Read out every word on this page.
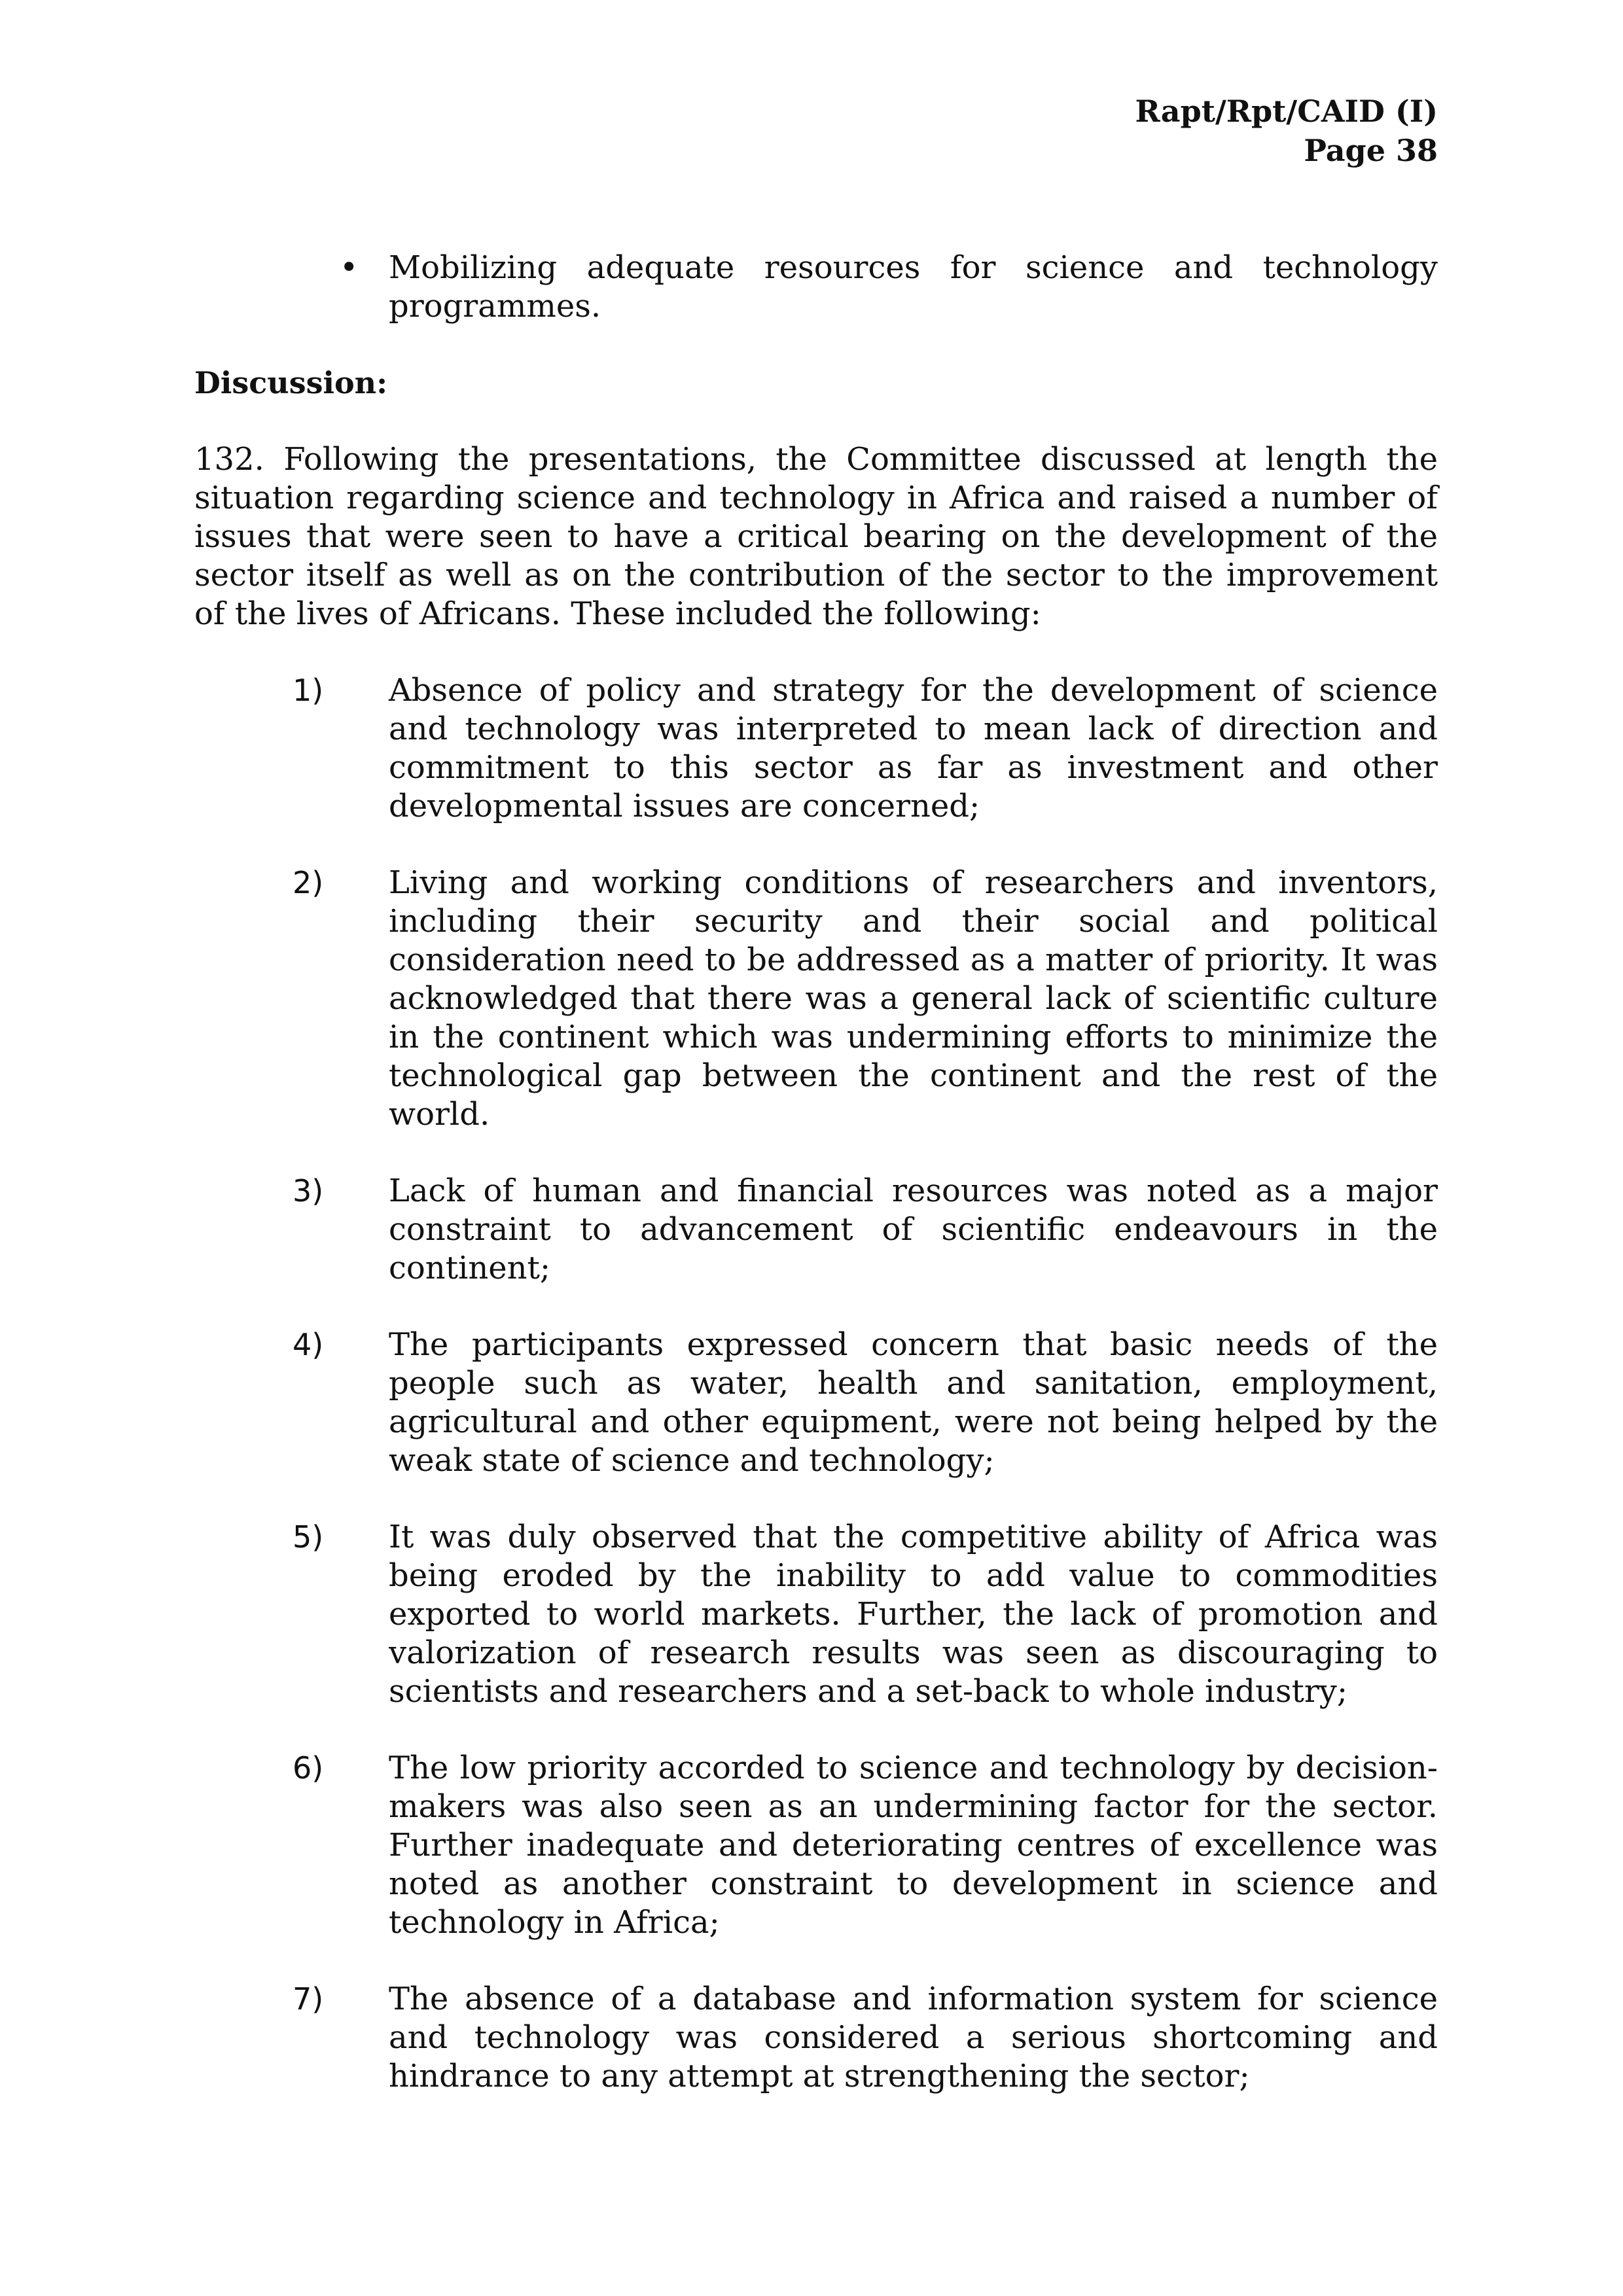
Rapt/Rpt/CAID (I)
Page 38
• Mobilizing adequate resources for science and technology programmes.
Discussion:
132. Following the presentations, the Committee discussed at length the situation regarding science and technology in Africa and raised a number of issues that were seen to have a critical bearing on the development of the sector itself as well as on the contribution of the sector to the improvement of the lives of Africans. These included the following:
1) Absence of policy and strategy for the development of science and technology was interpreted to mean lack of direction and commitment to this sector as far as investment and other developmental issues are concerned;
2) Living and working conditions of researchers and inventors, including their security and their social and political consideration need to be addressed as a matter of priority. It was acknowledged that there was a general lack of scientific culture in the continent which was undermining efforts to minimize the technological gap between the continent and the rest of the world.
3) Lack of human and financial resources was noted as a major constraint to advancement of scientific endeavours in the continent;
4) The participants expressed concern that basic needs of the people such as water, health and sanitation, employment, agricultural and other equipment, were not being helped by the weak state of science and technology;
5) It was duly observed that the competitive ability of Africa was being eroded by the inability to add value to commodities exported to world markets. Further, the lack of promotion and valorization of research results was seen as discouraging to scientists and researchers and a set-back to whole industry;
6) The low priority accorded to science and technology by decision-makers was also seen as an undermining factor for the sector. Further inadequate and deteriorating centres of excellence was noted as another constraint to development in science and technology in Africa;
7) The absence of a database and information system for science and technology was considered a serious shortcoming and hindrance to any attempt at strengthening the sector;
